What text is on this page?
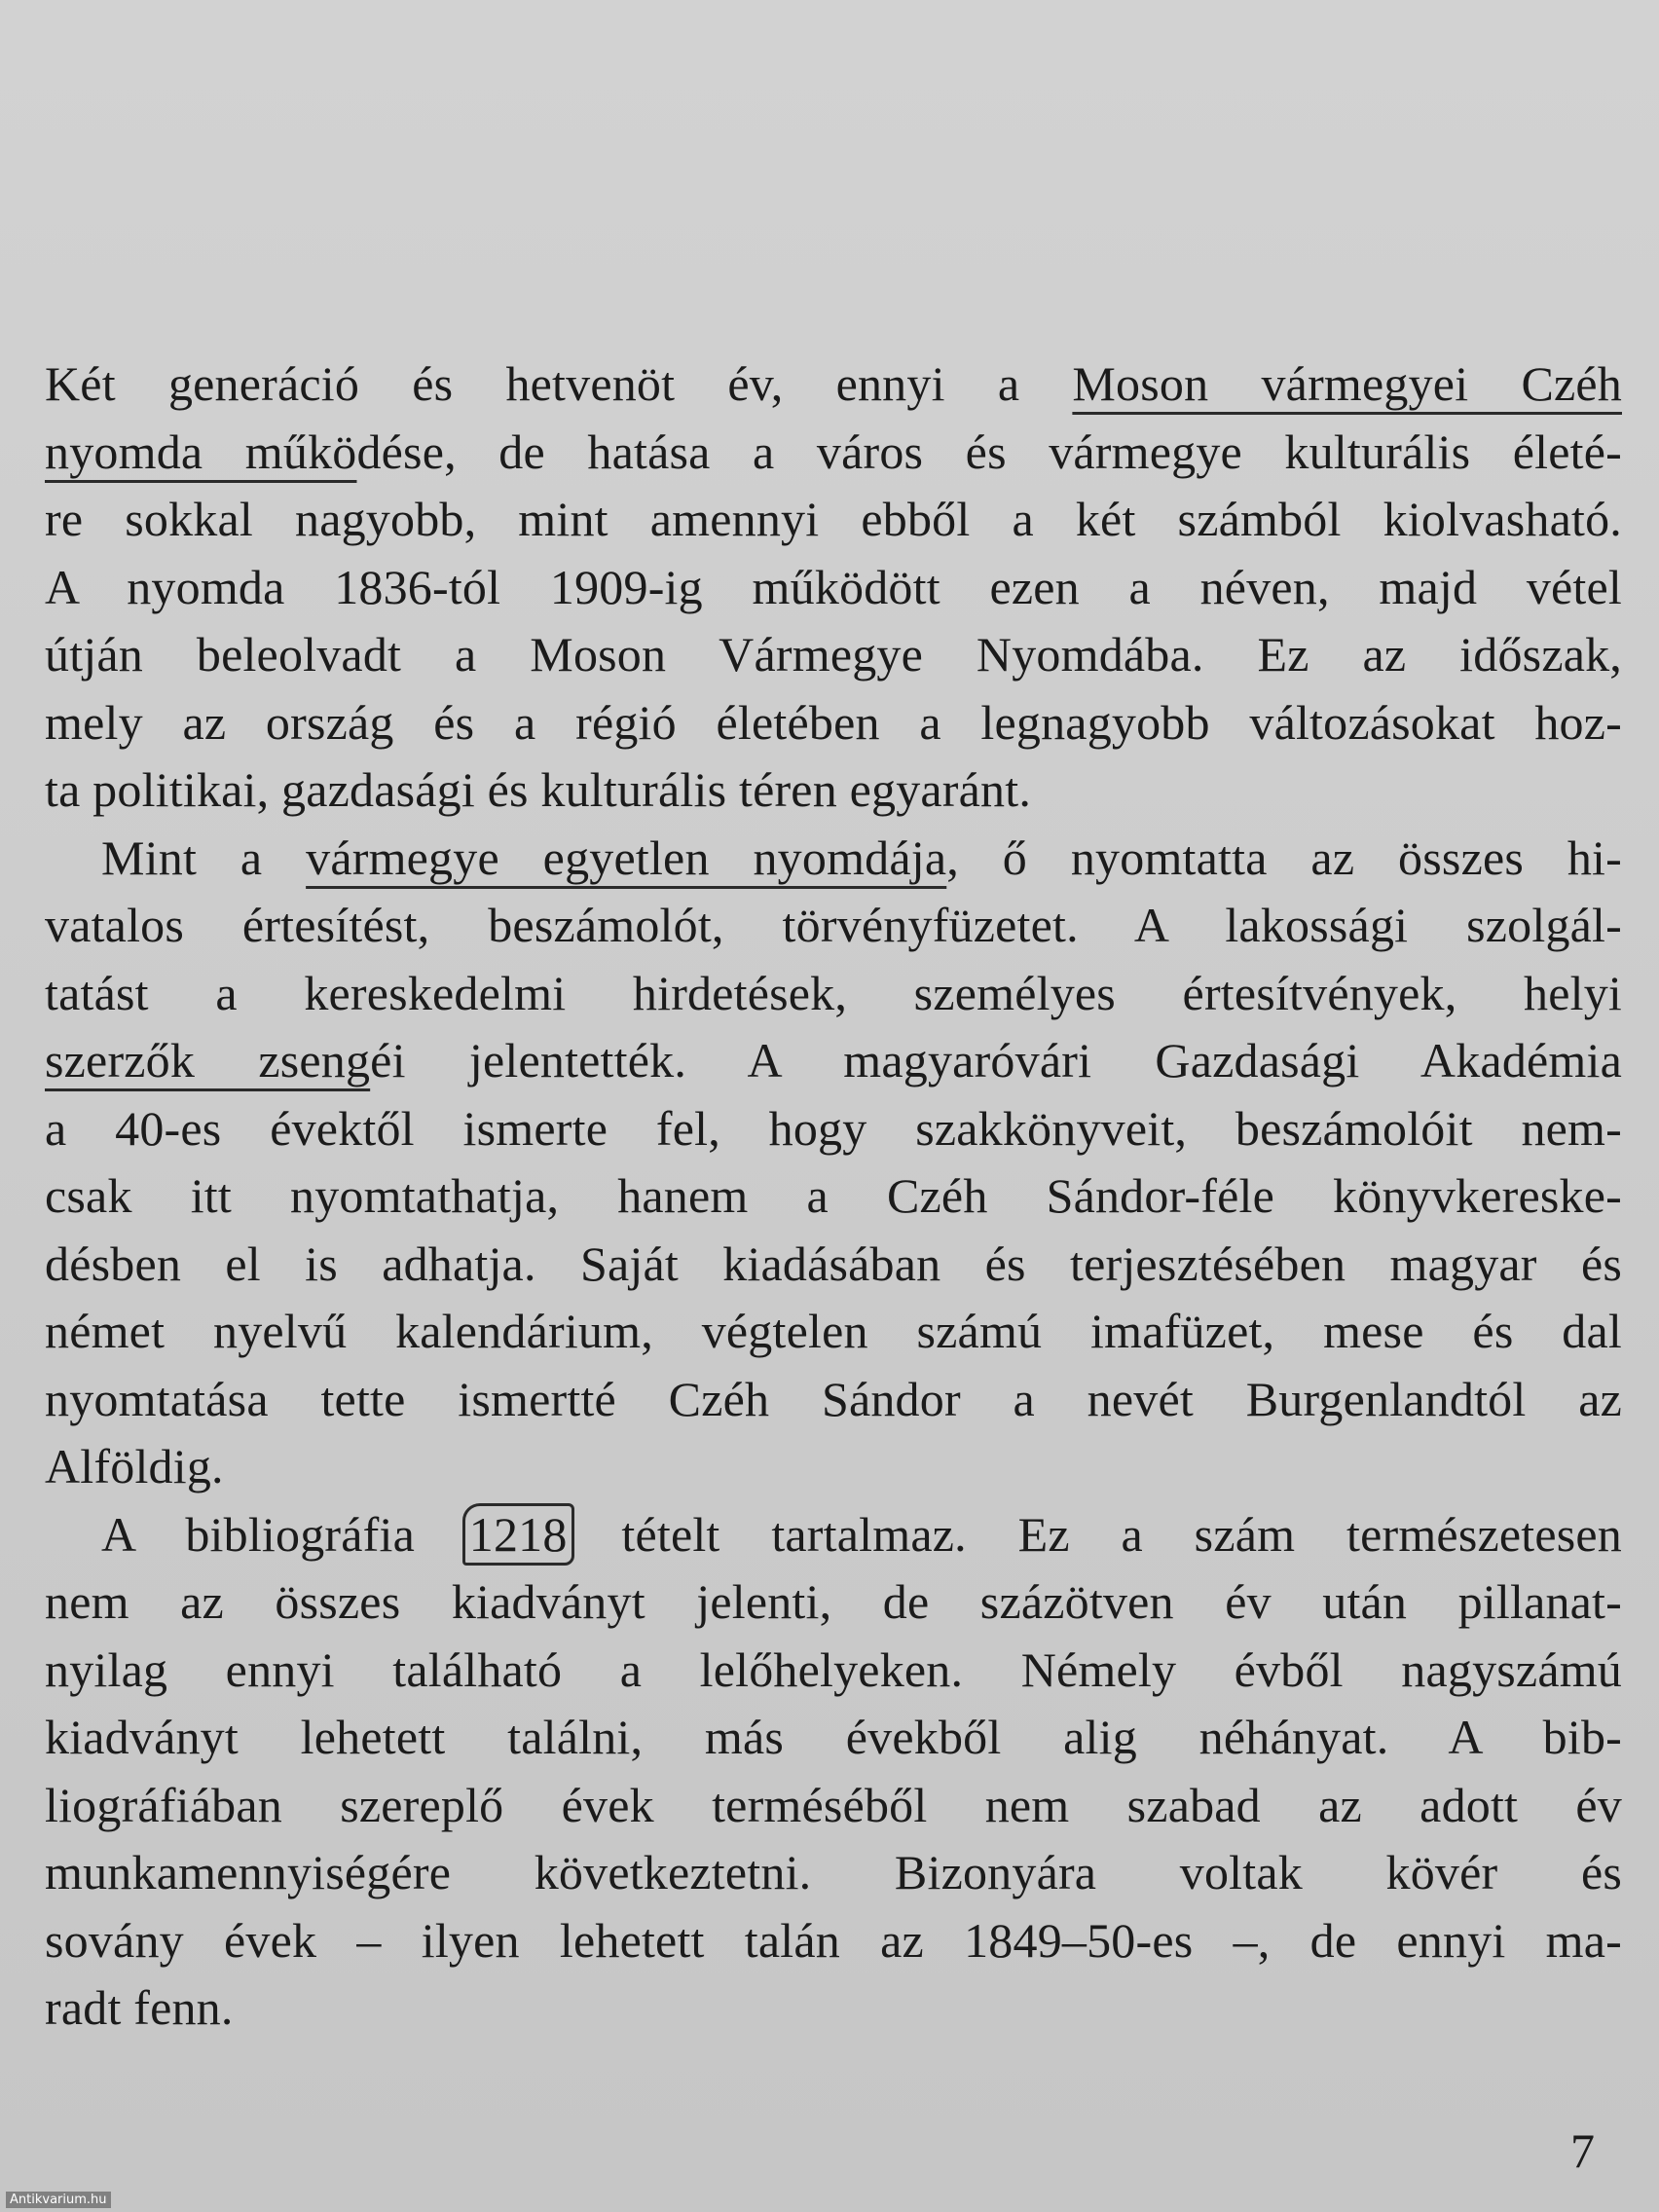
Két generáció és hetvenöt év, ennyi a Moson vármegyei Czéh
nyomda működése, de hatása a város és vármegye kulturális életé-
re sokkal nagyobb, mint amennyi ebből a két számból kiolvasható.
A nyomda 1836-tól 1909-ig működött ezen a néven, majd vétel
útján beleolvadt a Moson Vármegye Nyomdába. Ez az időszak,
mely az ország és a régió életében a legnagyobb változásokat hoz-
ta politikai, gazdasági és kulturális téren egyaránt.
Mint a vármegye egyetlen nyomdája, ő nyomtatta az összes hi-
vatalos értesítést, beszámolót, törvényfüzetet. A lakossági szolgál-
tatást a kereskedelmi hirdetések, személyes értesítvények, helyi
szerzők zsengéi jelentették. A magyaróvári Gazdasági Akadémia
a 40-es évektől ismerte fel, hogy szakkönyveit, beszámolóit nem-
csak itt nyomtathatja, hanem a Czéh Sándor-féle könyvkereske-
désben el is adhatja. Saját kiadásában és terjesztésében magyar és
német nyelvű kalendárium, végtelen számú imafüzet, mese és dal
nyomtatása tette ismertté Czéh Sándor a nevét Burgenlandtól az
Alföldig.
A bibliográfia 1218 tételt tartalmaz. Ez a szám természetesen
nem az összes kiadványt jelenti, de százötven év után pillanat-
nyilag ennyi található a lelőhelyeken. Némely évből nagyszámú
kiadványt lehetett találni, más évekből alig néhányat. A bib-
liográfiában szereplő évek terméséből nem szabad az adott év
munkamennyiségére következtetni. Bizonyára voltak kövér és
sovány évek – ilyen lehetett talán az 1849–50-es –, de ennyi ma-
radt fenn.
7
Antikvarium.hu
